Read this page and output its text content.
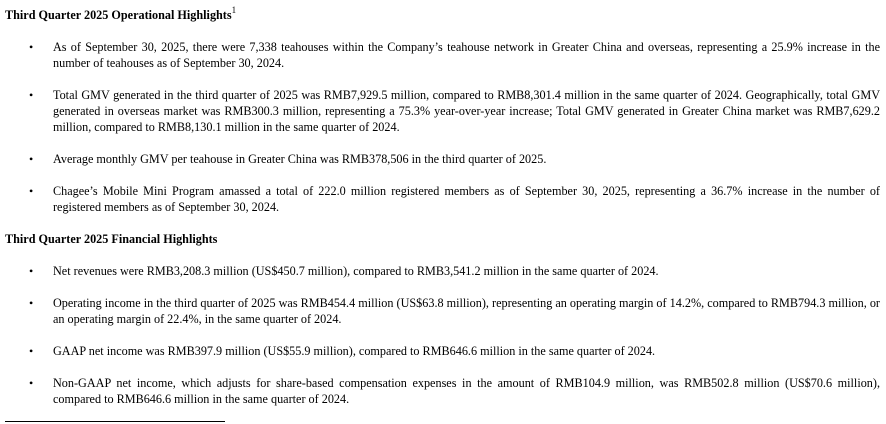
Third Quarter 2025 Operational Highlights$^1$
• As of September 30, 2025, there were 7,338 teahouses within the Company’s teahouse network in Greater China and overseas, representing a 25.9% increase in the number of teahouses as of September 30, 2024.
• Total GMV generated in the third quarter of 2025 was RMB7,929.5 million, compared to RMB8,301.4 million in the same quarter of 2024. Geographically, total GMV generated in overseas market was RMB300.3 million, representing a 75.3% year-over-year increase; Total GMV generated in Greater China market was RMB7,629.2 million, compared to RMB8,130.1 million in the same quarter of 2024.
• Average monthly GMV per teahouse in Greater China was RMB378,506 in the third quarter of 2025.
• Chagee’s Mobile Mini Program amassed a total of 222.0 million registered members as of September 30, 2025, representing a 36.7% increase in the number of registered members as of September 30, 2024.
Third Quarter 2025 Financial Highlights
• Net revenues were RMB3,208.3 million (US$450.7 million), compared to RMB3,541.2 million in the same quarter of 2024.
• Operating income in the third quarter of 2025 was RMB454.4 million (US$63.8 million), representing an operating margin of 14.2%, compared to RMB794.3 million, or an operating margin of 22.4%, in the same quarter of 2024.
• GAAP net income was RMB397.9 million (US$55.9 million), compared to RMB646.6 million in the same quarter of 2024.
• Non-GAAP net income, which adjusts for share-based compensation expenses in the amount of RMB104.9 million, was RMB502.8 million (US$70.6 million), compared to RMB646.6 million in the same quarter of 2024.
